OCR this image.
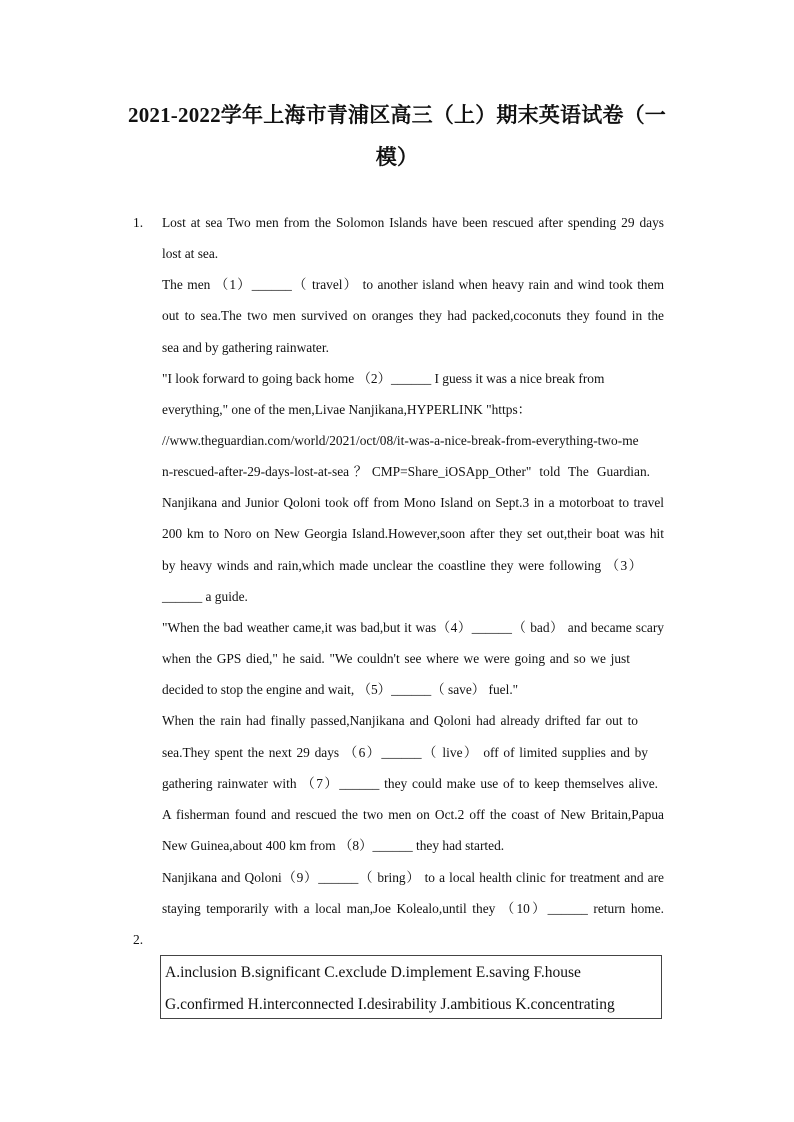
2021-2022学年上海市青浦区高三（上）期末英语试卷（一
模）
1. Lost at sea Two men from the Solomon Islands have been rescued after spending 29 days
lost at sea.
The men （1）______（ travel） to another island when heavy rain and wind took them
out to sea.The two men survived on oranges they had packed,coconuts they found in the
sea and by gathering rainwater.
"I look forward to going back home （2）______ I guess it was a nice break from
everything," one of the men,Livae Nanjikana,HYPERLINK "https：
//www.theguardian.com/world/2021/oct/08/it-was-a-nice-break-from-everything-two-me
n-rescued-after-29-days-lost-at-sea？CMP=Share_iOSApp_Other" told The Guardian.
Nanjikana and Junior Qoloni took off from Mono Island on Sept.3 in a motorboat to travel
200 km to Noro on New Georgia Island.However,soon after they set out,their boat was hit
by heavy winds and rain,which made unclear the coastline they were following （3）
______ a guide.
"When the bad weather came,it was bad,but it was（4）______（ bad） and became scary
when the GPS died," he said. "We couldn't see where we were going and so we just
decided to stop the engine and wait, （5）______（ save） fuel."
When the rain had finally passed,Nanjikana and Qoloni had already drifted far out to
sea.They spent the next 29 days （6）______（ live） off of limited supplies and by
gathering rainwater with （7）______ they could make use of to keep themselves alive.
A fisherman found and rescued the two men on Oct.2 off the coast of New Britain,Papua
New Guinea,about 400 km from （8）______ they had started.
Nanjikana and Qoloni（9）______（ bring） to a local health clinic for treatment and are
staying temporarily with a local man,Joe Kolealo,until they （10）______ return home.
2.
A.inclusion B.significant C.exclude D.implement E.saving F.house
G.confirmed H.interconnected I.desirability J.ambitious K.concentrating
